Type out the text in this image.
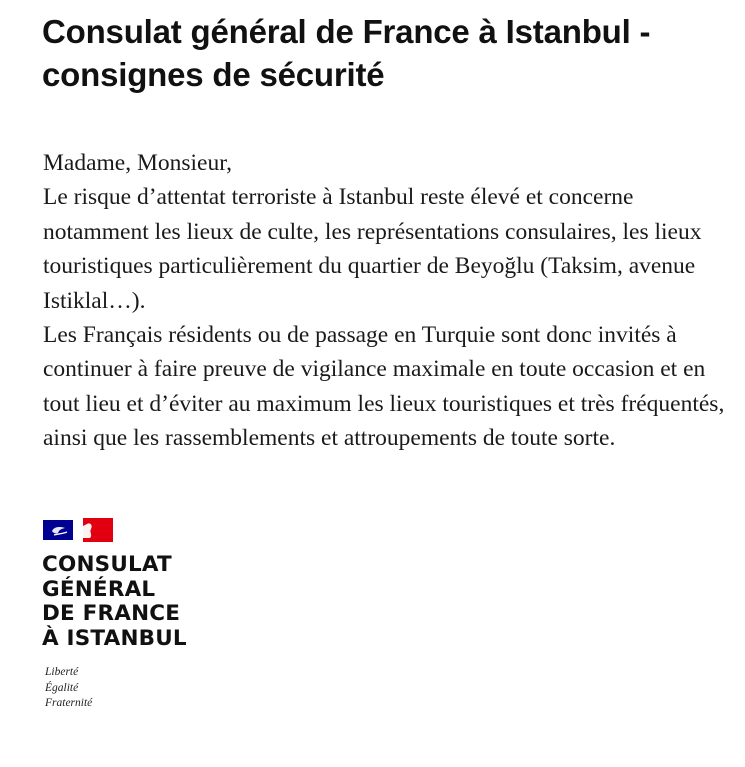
Consulat général de France à Istanbul - consignes de sécurité

Madame, Monsieur,

Le risque d’attentat terroriste à Istanbul reste élevé et concerne notamment les lieux de culte, les représentations consulaires, les lieux touristiques particulièrement du quartier de Beyoğlu (Taksim, avenue Istiklal…).

Les Français résidents ou de passage en Turquie sont donc invités à continuer à faire preuve de vigilance maximale en toute occasion et en tout lieu et d’éviter au maximum les lieux touristiques et très fréquentés, ainsi que les rassemblements et attroupements de toute sorte.

CONSULAT
GÉNÉRAL
DE FRANCE
À ISTANBUL
Liberté
Égalité
Fraternité
